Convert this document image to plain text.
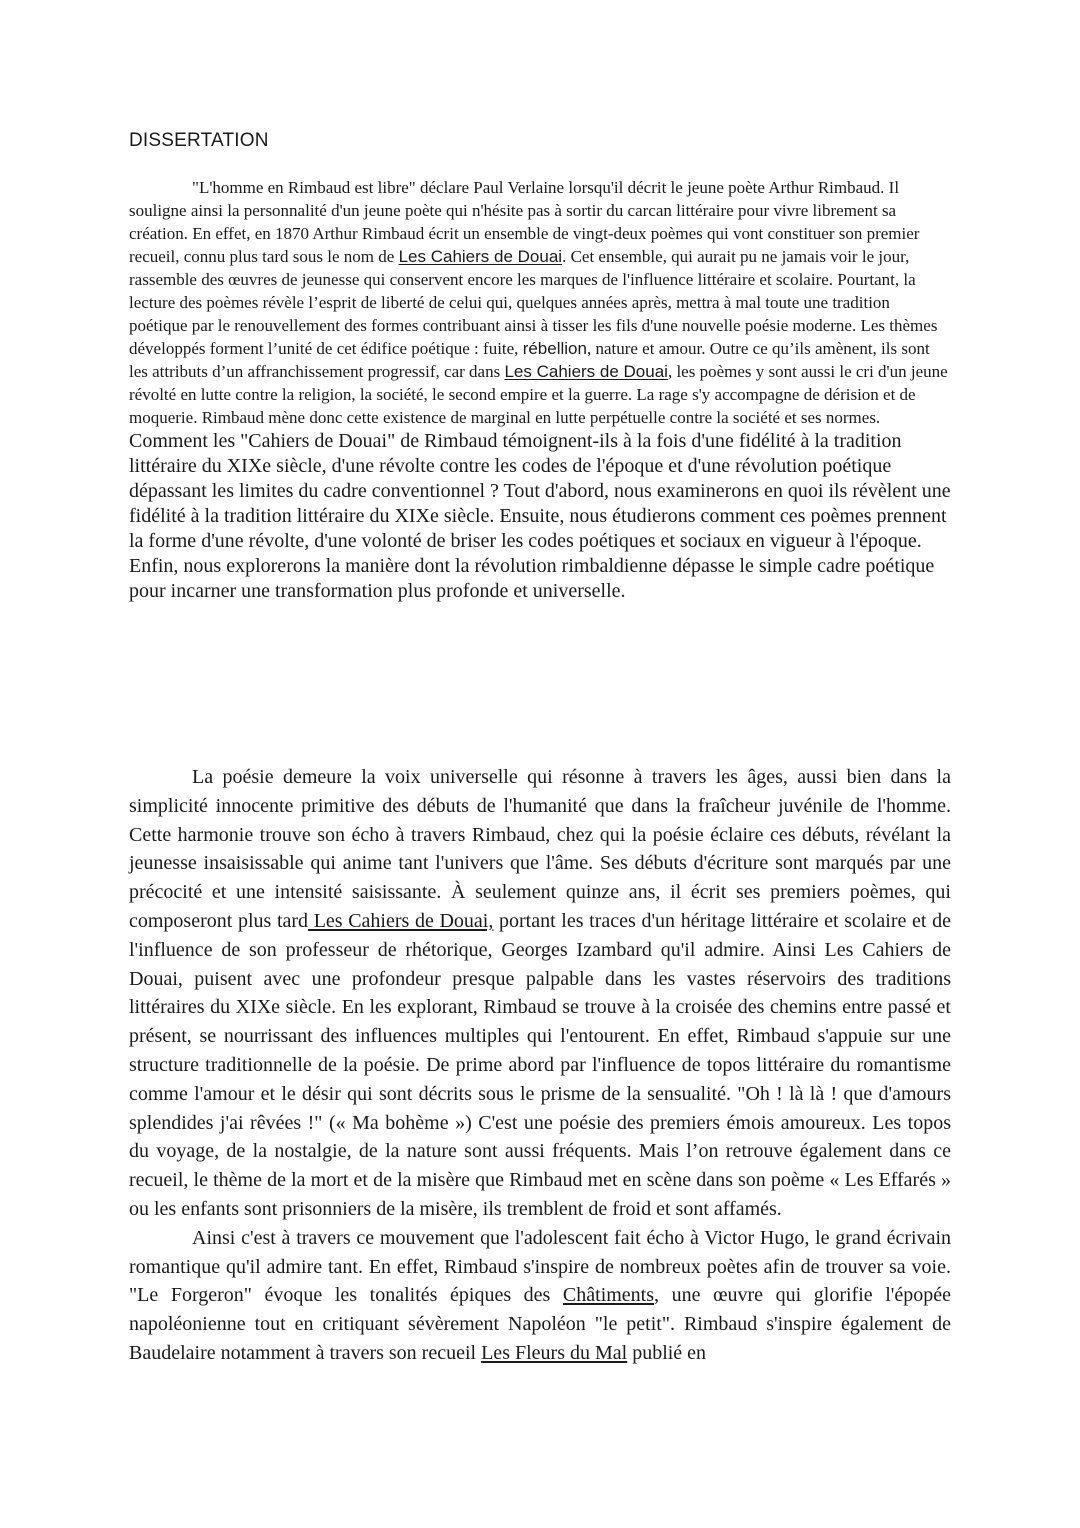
DISSERTATION

"L'homme en Rimbaud est libre" déclare Paul Verlaine lorsqu'il décrit le jeune poète Arthur Rimbaud. Il souligne ainsi la personnalité d'un jeune poète qui n'hésite pas à sortir du carcan littéraire pour vivre librement sa création. En effet, en 1870 Arthur Rimbaud écrit un ensemble de vingt-deux poèmes qui vont constituer son premier recueil, connu plus tard sous le nom de Les Cahiers de Douai. Cet ensemble, qui aurait pu ne jamais voir le jour, rassemble des œuvres de jeunesse qui conservent encore les marques de l'influence littéraire et scolaire. Pourtant, la lecture des poèmes révèle l’esprit de liberté de celui qui, quelques années après, mettra à mal toute une tradition poétique par le renouvellement des formes contribuant ainsi à tisser les fils d'une nouvelle poésie moderne. Les thèmes développés forment l’unité de cet édifice poétique : fuite, rébellion, nature et amour. Outre ce qu’ils amènent, ils sont les attributs d’un affranchissement progressif, car dans Les Cahiers de Douai, les poèmes y sont aussi le cri d'un jeune révolté en lutte contre la religion, la société, le second empire et la guerre. La rage s'y accompagne de dérision et de moquerie. Rimbaud mène donc cette existence de marginal en lutte perpétuelle contre la société et ses normes. Comment les "Cahiers de Douai" de Rimbaud témoignent-ils à la fois d'une fidélité à la tradition littéraire du XIXe siècle, d'une révolte contre les codes de l'époque et d'une révolution poétique dépassant les limites du cadre conventionnel ? Tout d'abord, nous examinerons en quoi ils révèlent une fidélité à la tradition littéraire du XIXe siècle. Ensuite, nous étudierons comment ces poèmes prennent la forme d'une révolte, d'une volonté de briser les codes poétiques et sociaux en vigueur à l'époque. Enfin, nous explorerons la manière dont la révolution rimbaldienne dépasse le simple cadre poétique pour incarner une transformation plus profonde et universelle.

La poésie demeure la voix universelle qui résonne à travers les âges, aussi bien dans la simplicité innocente primitive des débuts de l'humanité que dans la fraîcheur juvénile de l'homme. Cette harmonie trouve son écho à travers Rimbaud, chez qui la poésie éclaire ces débuts, révélant la jeunesse insaisissable qui anime tant l'univers que l'âme. Ses débuts d'écriture sont marqués par une précocité et une intensité saisissante. À seulement quinze ans, il écrit ses premiers poèmes, qui composeront plus tard Les Cahiers de Douai, portant les traces d'un héritage littéraire et scolaire et de l'influence de son professeur de rhétorique, Georges Izambard qu'il admire. Ainsi Les Cahiers de Douai, puisent avec une profondeur presque palpable dans les vastes réservoirs des traditions littéraires du XIXe siècle. En les explorant, Rimbaud se trouve à la croisée des chemins entre passé et présent, se nourrissant des influences multiples qui l'entourent. En effet, Rimbaud s'appuie sur une structure traditionnelle de la poésie. De prime abord par l'influence de topos littéraire du romantisme comme l'amour et le désir qui sont décrits sous le prisme de la sensualité. "Oh ! là là ! que d'amours splendides j'ai rêvées !" (« Ma bohème ») C'est une poésie des premiers émois amoureux. Les topos du voyage, de la nostalgie, de la nature sont aussi fréquents. Mais l’on retrouve également dans ce recueil, le thème de la mort et de la misère que Rimbaud met en scène dans son poème « Les Effarés » ou les enfants sont prisonniers de la misère, ils tremblent de froid et sont affamés.
Ainsi c'est à travers ce mouvement que l'adolescent fait écho à Victor Hugo, le grand écrivain romantique qu'il admire tant. En effet, Rimbaud s'inspire de nombreux poètes afin de trouver sa voie. "Le Forgeron" évoque les tonalités épiques des Châtiments, une œuvre qui glorifie l'épopée napoléonienne tout en critiquant sévèrement Napoléon "le petit". Rimbaud s'inspire également de Baudelaire notamment à travers son recueil Les Fleurs du Mal publié en
